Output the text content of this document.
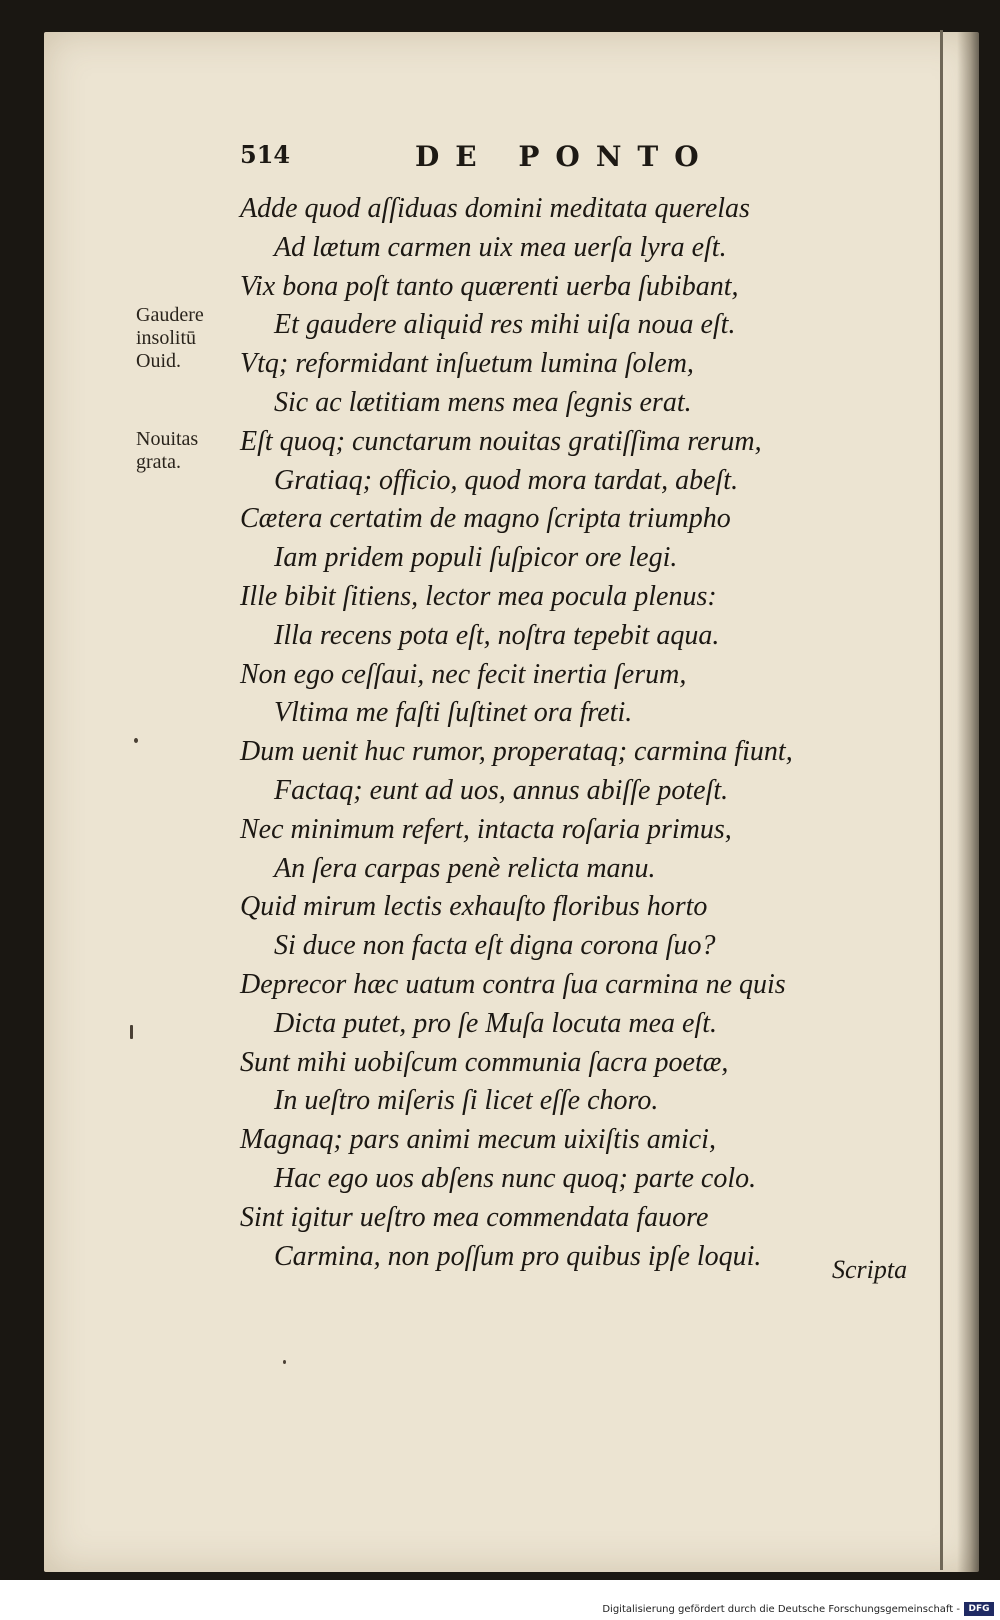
514	DE PONTO
Gaudere
insolitū
Ouid.
Nouitas
grata.
Adde quod aſſiduas domini meditata querelas
Ad lætum carmen uix mea uerſa lyra eſt.
Vix bona poſt tanto quærenti uerba ſubibant,
Et gaudere aliquid res mihi uiſa noua eſt.
Vtq; reformidant inſuetum lumina ſolem,
Sic ac lætitiam mens mea ſegnis erat.
Eſt quoq; cunctarum nouitas gratiſſima rerum,
Gratiaq; officio, quod mora tardat, abeſt.
Cætera certatim de magno ſcripta triumpho
Iam pridem populi ſuſpicor ore legi.
Ille bibit ſitiens, lector mea pocula plenus:
Illa recens pota eſt, noſtra tepebit aqua.
Non ego ceſſaui, nec fecit inertia ſerum,
Vltima me faſti ſuſtinet ora freti.
Dum uenit huc rumor, properataq; carmina fiunt,
Factaq; eunt ad uos, annus abiſſe poteſt.
Nec minimum refert, intacta roſaria primus,
An ſera carpas penè relicta manu.
Quid mirum lectis exhauſto floribus horto
Si duce non facta eſt digna corona ſuo?
Deprecor hæc uatum contra ſua carmina ne quis
Dicta putet, pro ſe Muſa locuta mea eſt.
Sunt mihi uobiſcum communia ſacra poetæ,
In ueſtro miſeris ſi licet eſſe choro.
Magnaq; pars animi mecum uixiſtis amici,
Hac ego uos abſens nunc quoq; parte colo.
Sint igitur ueſtro mea commendata fauore
Carmina, non poſſum pro quibus ipſe loqui.	Scripta
Digitalisierung gefördert durch die Deutsche Forschungsgemeinschaft - DFG
